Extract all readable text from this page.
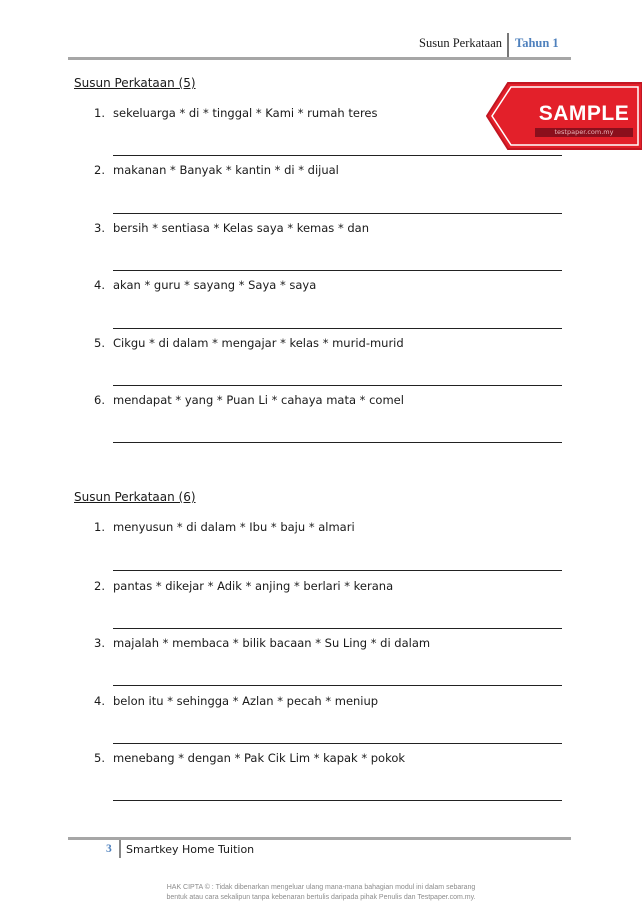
Susun Perkataan Tahun 1
SAMPLE
testpaper.com.my
Susun Perkataan (5)
1. sekeluarga * di * tinggal * Kami * rumah teres
2. makanan * Banyak * kantin * di * dijual
3. bersih * sentiasa * Kelas saya * kemas * dan
4. akan * guru * sayang * Saya * saya
5. Cikgu * di dalam * mengajar * kelas * murid-murid
6. mendapat * yang * Puan Li * cahaya mata * comel
Susun Perkataan (6)
1. menyusun * di dalam * Ibu * baju * almari
2. pantas * dikejar * Adik * anjing * berlari * kerana
3. majalah * membaca * bilik bacaan * Su Ling * di dalam
4. belon itu * sehingga * Azlan * pecah * meniup
5. menebang * dengan * Pak Cik Lim * kapak * pokok
3 Smartkey Home Tuition
HAK CIPTA © : Tidak dibenarkan mengeluar ulang mana-mana bahagian modul ini dalam sebarang
bentuk atau cara sekalipun tanpa kebenaran bertulis daripada pihak Penulis dan Testpaper.com.my.
